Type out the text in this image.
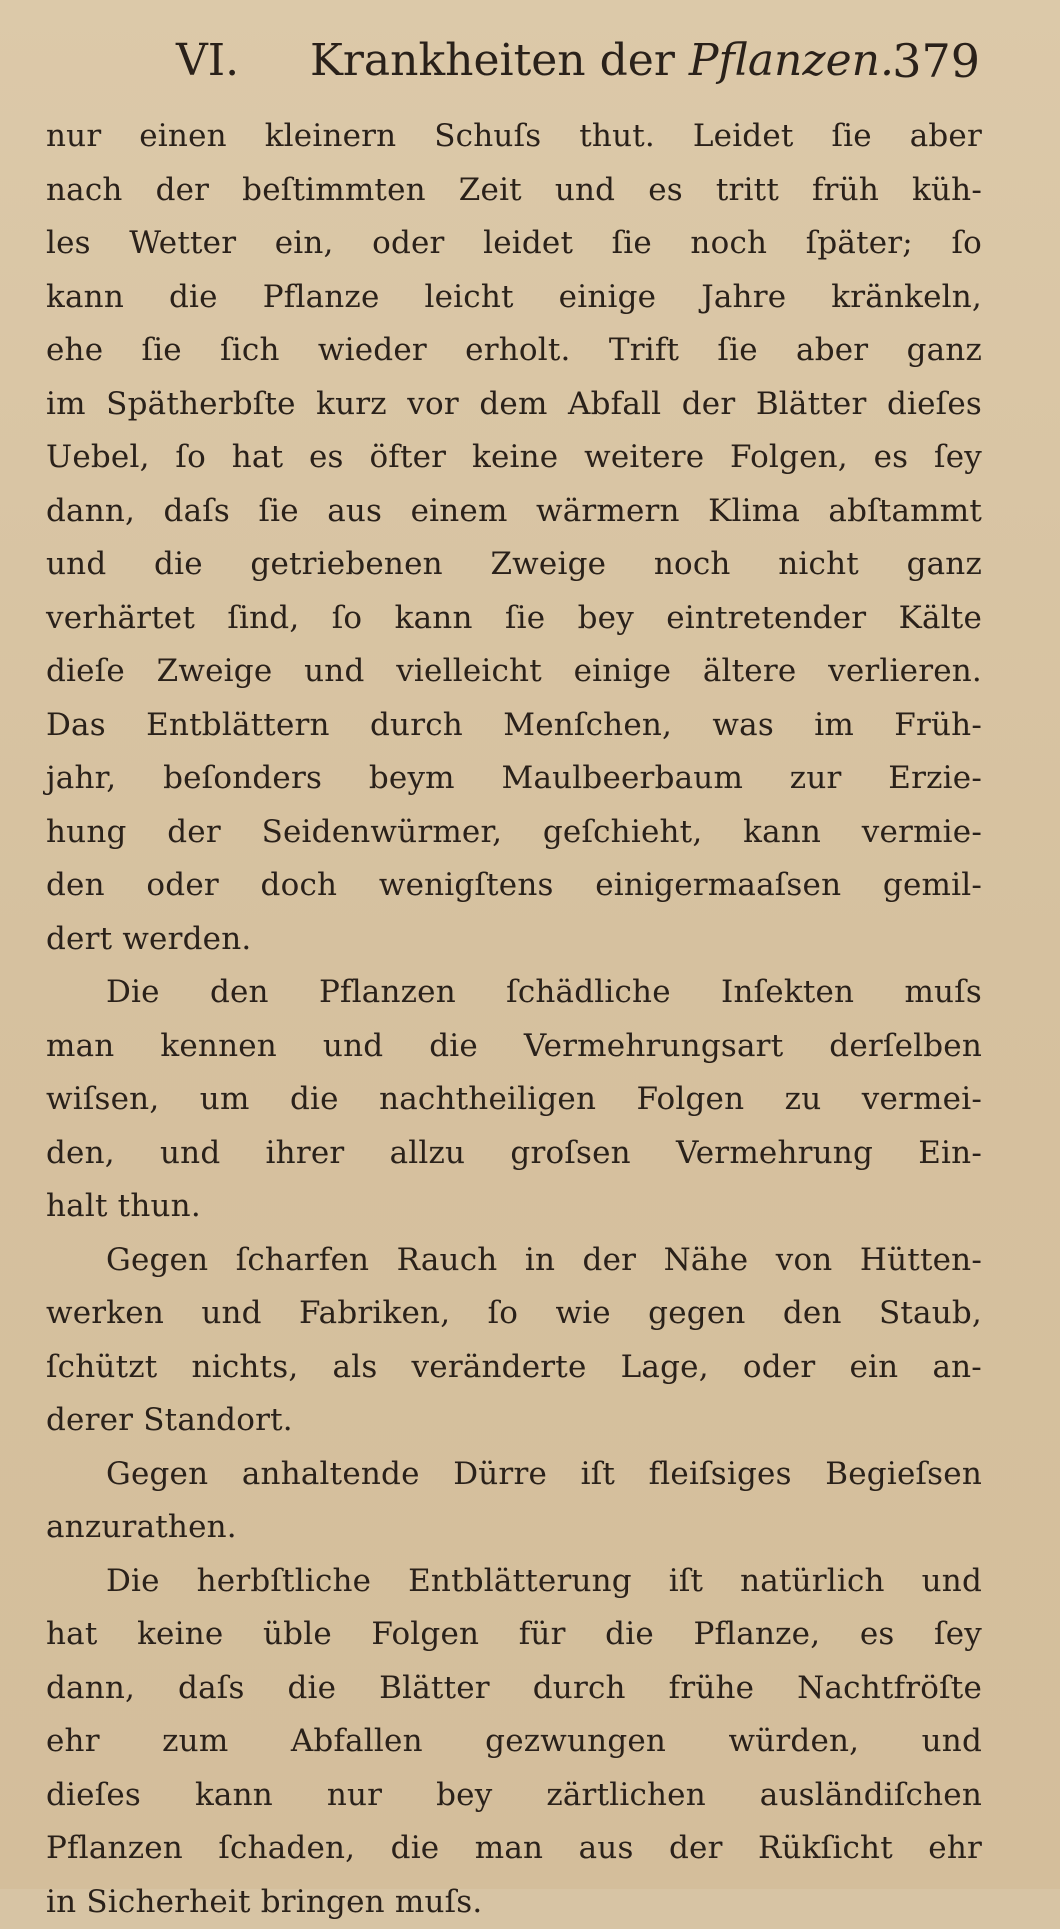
VI. Krankheiten der Pflanzen.
379
nur einen kleinern Schuſs thut. Leidet ſie aber
nach der beſtimmten Zeit und es tritt früh küh-
les Wetter ein, oder leidet ſie noch ſpäter; ſo
kann die Pflanze leicht einige Jahre kränkeln,
ehe ſie ſich wieder erholt. Trift ſie aber ganz
im Spätherbſte kurz vor dem Abfall der Blätter dieſes
Uebel, ſo hat es öfter keine weitere Folgen, es ſey
dann, daſs ſie aus einem wärmern Klima abſtammt
und die getriebenen Zweige noch nicht ganz
verhärtet ſind, ſo kann ſie bey eintretender Kälte
dieſe Zweige und vielleicht einige ältere verlieren.
Das Entblättern durch Menſchen, was im Früh-
jahr, beſonders beym Maulbeerbaum zur Erzie-
hung der Seidenwürmer, geſchieht, kann vermie-
den oder doch wenigſtens einigermaaſsen gemil-
dert werden.
Die den Pflanzen ſchädliche Inſekten muſs
man kennen und die Vermehrungsart derſelben
wiſsen, um die nachtheiligen Folgen zu vermei-
den, und ihrer allzu groſsen Vermehrung Ein-
halt thun.
Gegen ſcharfen Rauch in der Nähe von Hütten-
werken und Fabriken, ſo wie gegen den Staub,
ſchützt nichts, als veränderte Lage, oder ein an-
derer Standort.
Gegen anhaltende Dürre iſt fleiſsiges Begieſsen
anzurathen.
Die herbſtliche Entblätterung iſt natürlich und
hat keine üble Folgen für die Pflanze, es ſey
dann, daſs die Blätter durch frühe Nachtfröſte
ehr zum Abfallen gezwungen würden, und
dieſes kann nur bey zärtlichen ausländiſchen
Pflanzen ſchaden, die man aus der Rükſicht ehr
in Sicherheit bringen muſs.
